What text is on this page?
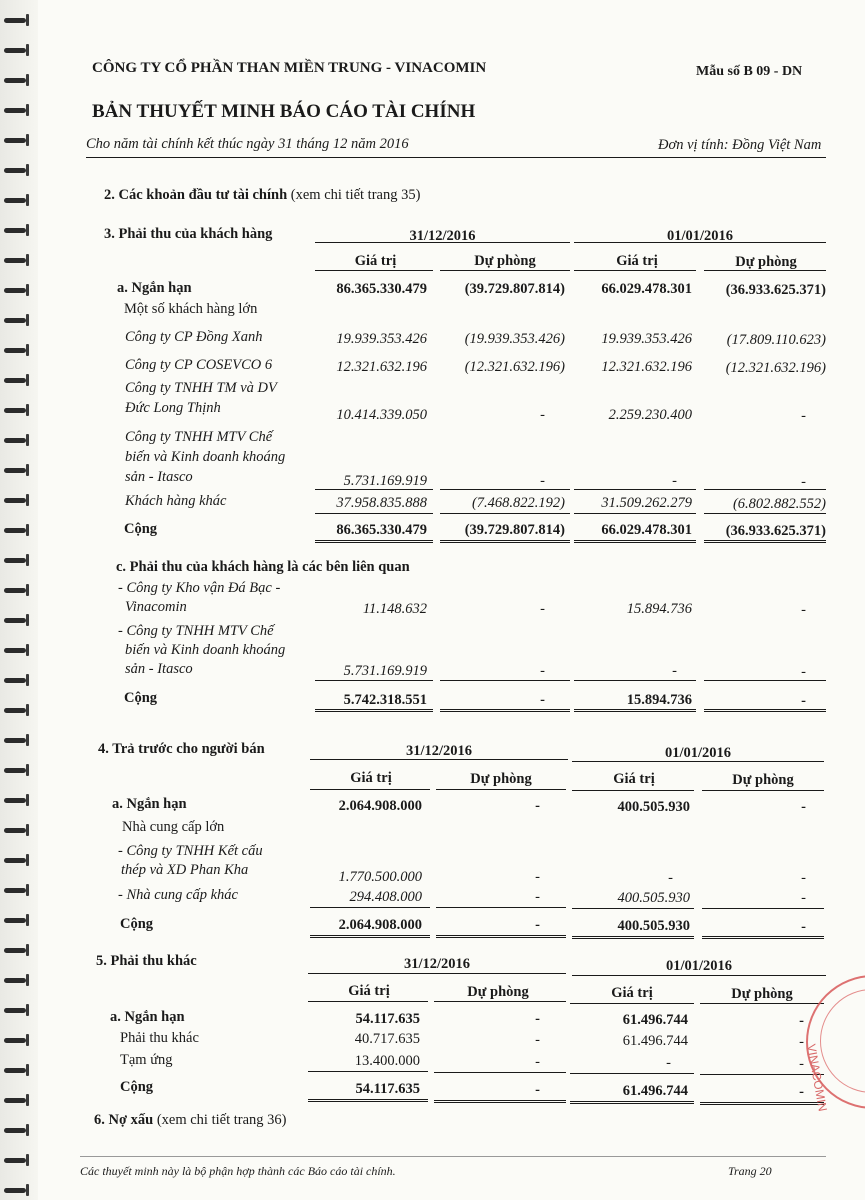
CÔNG TY CỔ PHẦN THAN MIỀN TRUNG - VINACOMIN	Mẫu số B 09 - DN
BẢN THUYẾT MINH BÁO CÁO TÀI CHÍNH
Cho năm tài chính kết thúc ngày 31 tháng 12 năm 2016	Đơn vị tính: Đồng Việt Nam
2. Các khoản đầu tư tài chính (xem chi tiết trang 35)
3. Phải thu của khách hàng	31/12/2016	01/01/2016
Giá trị	Dự phòng	Giá trị	Dự phòng
a. Ngắn hạn	86.365.330.479	(39.729.807.814)	66.029.478.301	(36.933.625.371)
Một số khách hàng lớn
Công ty CP Đồng Xanh	19.939.353.426	(19.939.353.426)	19.939.353.426	(17.809.110.623)
Công ty CP COSEVCO 6	12.321.632.196	(12.321.632.196)	12.321.632.196	(12.321.632.196)
Công ty TNHH TM và DV
Đức Long Thịnh	10.414.339.050	-	2.259.230.400	-
Công ty TNHH MTV Chế
biến và Kinh doanh khoáng
sản - Itasco	5.731.169.919	-	-	-
Khách hàng khác	37.958.835.888	(7.468.822.192)	31.509.262.279	(6.802.882.552)
Cộng	86.365.330.479	(39.729.807.814)	66.029.478.301	(36.933.625.371)
c. Phải thu của khách hàng là các bên liên quan
- Công ty Kho vận Đá Bạc -
Vinacomin	11.148.632	-	15.894.736	-
- Công ty TNHH MTV Chế
biến và Kinh doanh khoáng
sản - Itasco	5.731.169.919	-	-	-
Cộng	5.742.318.551	-	15.894.736	-
4. Trả trước cho người bán	31/12/2016	01/01/2016
Giá trị	Dự phòng	Giá trị	Dự phòng
a. Ngắn hạn	2.064.908.000	-	400.505.930	-
Nhà cung cấp lớn
- Công ty TNHH Kết cấu
thép và XD Phan Kha	1.770.500.000	-	-	-
- Nhà cung cấp khác	294.408.000	-	400.505.930	-
Cộng	2.064.908.000	-	400.505.930	-
5. Phải thu khác	31/12/2016	01/01/2016
Giá trị	Dự phòng	Giá trị	Dự phòng
a. Ngắn hạn	54.117.635	-	61.496.744	-
Phải thu khác	40.717.635	-	61.496.744	-
Tạm ứng	13.400.000	-	-	-
Cộng	54.117.635	-	61.496.744	-
6. Nợ xấu (xem chi tiết trang 36)
Các thuyết minh này là bộ phận hợp thành các Báo cáo tài chính.	Trang 20
VINACOMIN
